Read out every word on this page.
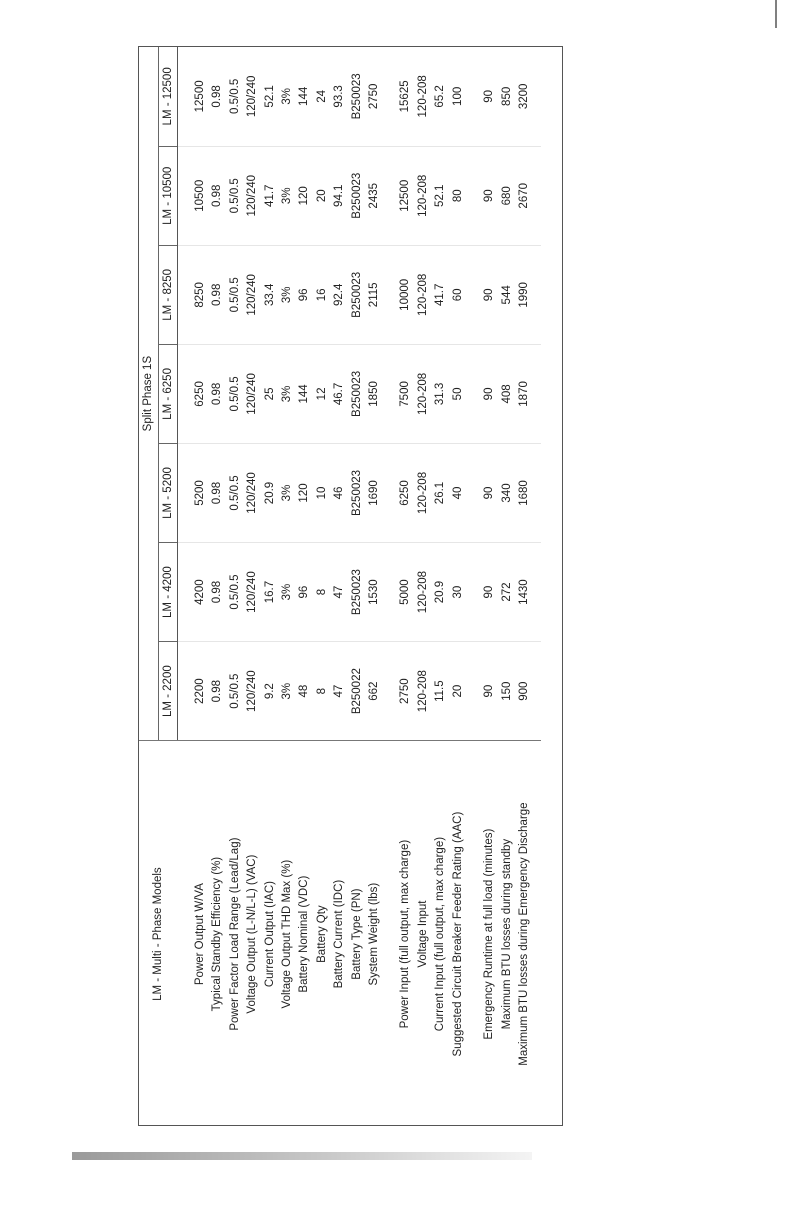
LM - Multi - Phase Models	Split Phase 1S						
	LM - 2200	LM - 4200	LM - 5200	LM - 6250	LM - 8250	LM - 10500	LM - 12500

Power Output W/VA	2200	4200	5200	6250	8250	10500	12500
Typical Standby Efficiency (%)	0.98	0.98	0.98	0.98	0.98	0.98	0.98
Power Factor Load Range (Lead/Lag)	0.5/0.5	0.5/0.5	0.5/0.5	0.5/0.5	0.5/0.5	0.5/0.5	0.5/0.5
Voltage Output (L-N/L-L) (VAC)	120/240	120/240	120/240	120/240	120/240	120/240	120/240
Current Output (IAC)	9.2	16.7	20.9	25	33.4	41.7	52.1
Voltage Output THD Max (%)	3%	3%	3%	3%	3%	3%	3%
Battery Nominal (VDC)	48	96	120	144	96	120	144
Battery Qty	8	8	10	12	16	20	24
Battery Current (IDC)	47	47	46	46.7	92.4	94.1	93.3
Battery Type (PN)	B250022	B250023	B250023	B250023	B250023	B250023	B250023
System Weight (lbs)	662	1530	1690	1850	2115	2435	2750

Power Input (full output, max charge)	2750	5000	6250	7500	10000	12500	15625
Voltage Input	120-208	120-208	120-208	120-208	120-208	120-208	120-208
Current Input (full output, max charge)	11.5	20.9	26.1	31.3	41.7	52.1	65.2
Suggested Circuit Breaker Feeder Rating (AAC)	20	30	40	50	60	80	100

Emergency Runtime at full load (minutes)	90	90	90	90	90	90	90
Maximum BTU losses during standby	150	272	340	408	544	680	850
Maximum BTU losses during Emergency Discharge	900	1430	1680	1870	1990	2670	3200
